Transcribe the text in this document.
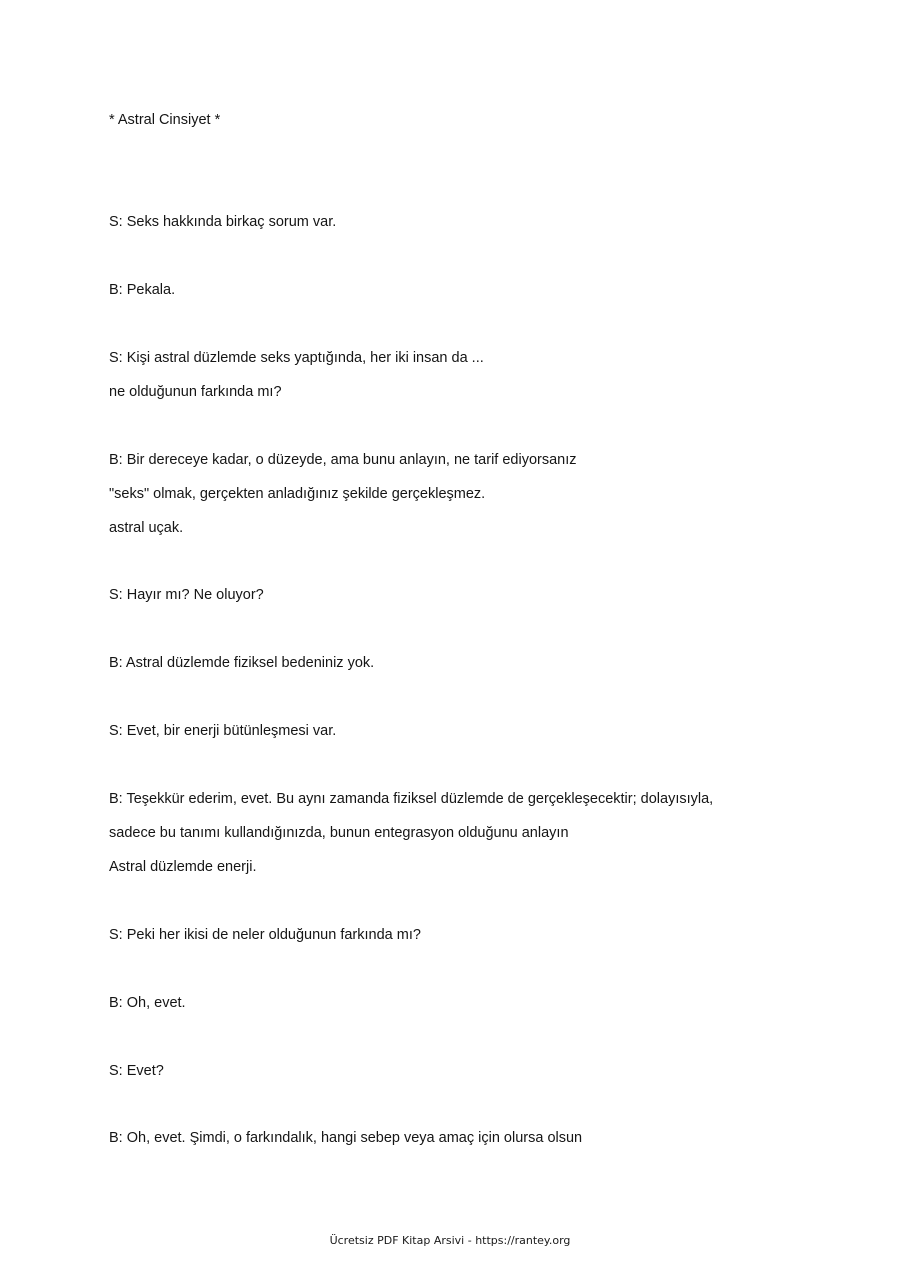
* Astral Cinsiyet *
S: Seks hakkında birkaç sorum var.
B: Pekala.
S: Kişi astral düzlemde seks yaptığında, her iki insan da ...
ne olduğunun farkında mı?
B: Bir dereceye kadar, o düzeyde, ama bunu anlayın, ne tarif ediyorsanız
"seks" olmak, gerçekten anladığınız şekilde gerçekleşmez.
astral uçak.
S: Hayır mı? Ne oluyor?
B: Astral düzlemde fiziksel bedeniniz yok.
S: Evet, bir enerji bütünleşmesi var.
B: Teşekkür ederim, evet. Bu aynı zamanda fiziksel düzlemde de gerçekleşecektir; dolayısıyla,
sadece bu tanımı kullandığınızda, bunun entegrasyon olduğunu anlayın
Astral düzlemde enerji.
S: Peki her ikisi de neler olduğunun farkında mı?
B: Oh, evet.
S: Evet?
B: Oh, evet. Şimdi, o farkındalık, hangi sebep veya amaç için olursa olsun
Ücretsiz PDF Kitap Arsivi - https://rantey.org
